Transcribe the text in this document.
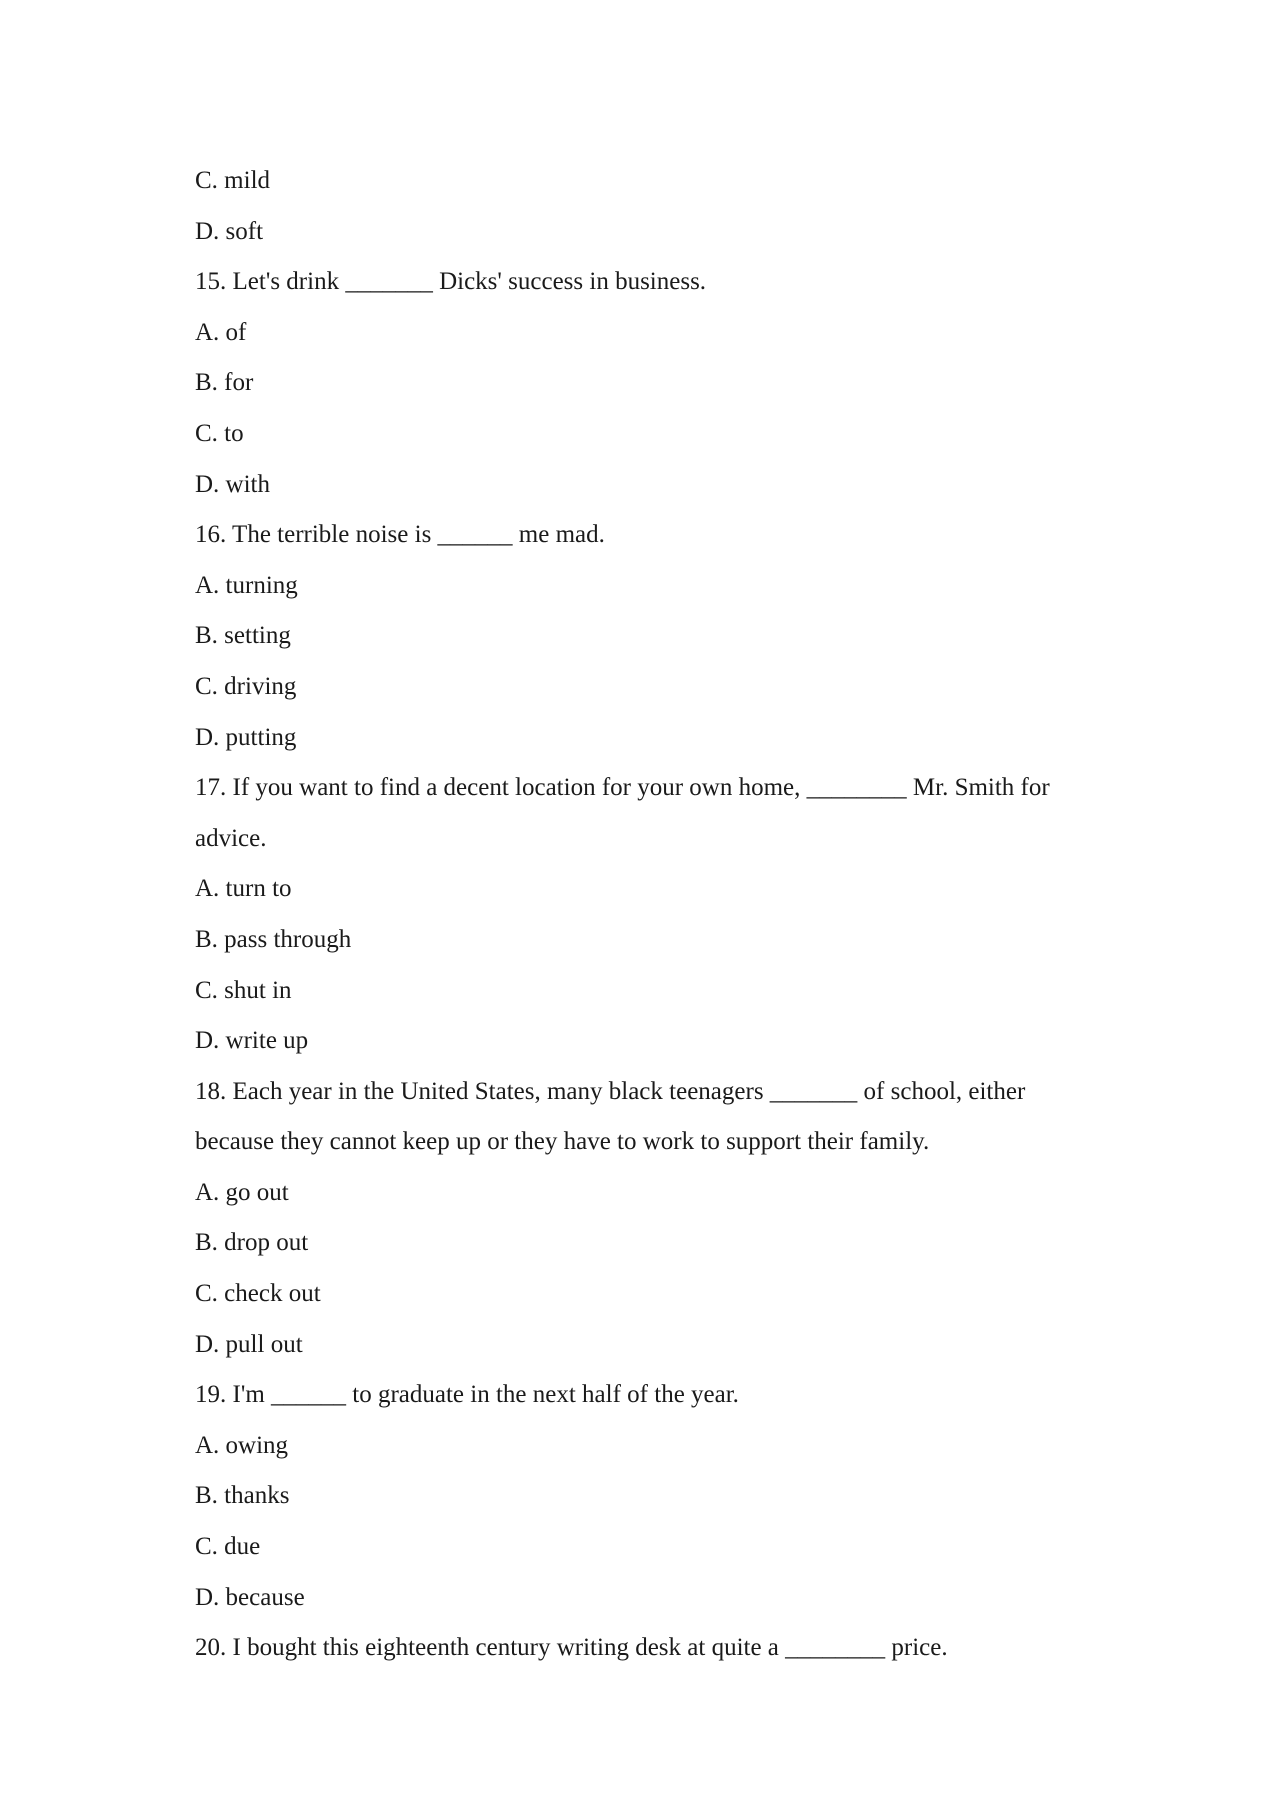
C. mild
D. soft
15. Let's drink _______ Dicks' success in business.
A. of
B. for
C. to
D. with
16. The terrible noise is ______ me mad.
A. turning
B. setting
C. driving
D. putting
17. If you want to find a decent location for your own home, ________ Mr. Smith for
advice.
A. turn to
B. pass through
C. shut in
D. write up
18. Each year in the United States, many black teenagers _______ of school, either
because they cannot keep up or they have to work to support their family.
A. go out
B. drop out
C. check out
D. pull out
19. I'm ______ to graduate in the next half of the year.
A. owing
B. thanks
C. due
D. because
20. I bought this eighteenth century writing desk at quite a ________ price.
